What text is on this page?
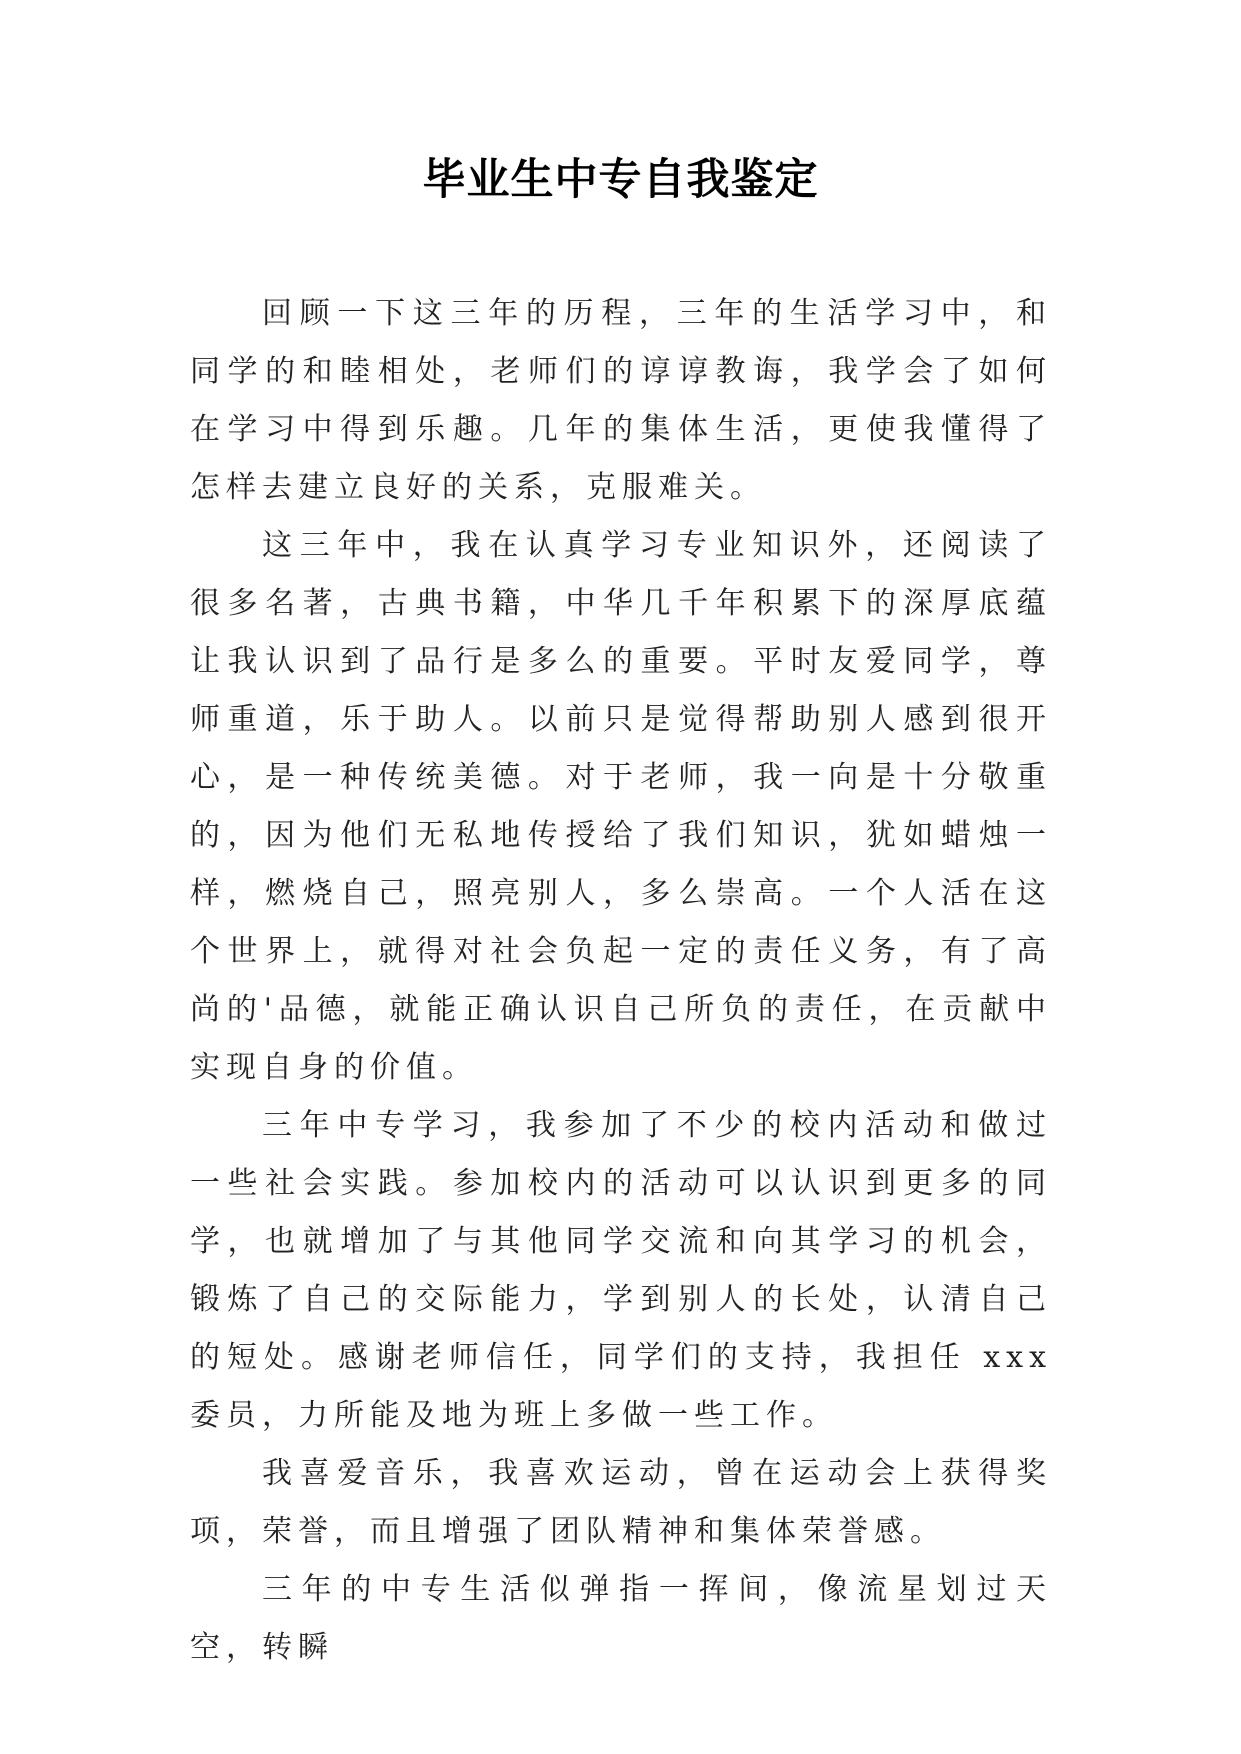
毕业生中专自我鉴定

回顾一下这三年的历程，三年的生活学习中，和同学的和睦相处，老师们的谆谆教诲，我学会了如何在学习中得到乐趣。几年的集体生活，更使我懂得了怎样去建立良好的关系，克服难关。

这三年中，我在认真学习专业知识外，还阅读了很多名著，古典书籍，中华几千年积累下的深厚底蕴让我认识到了品行是多么的重要。平时友爱同学，尊师重道，乐于助人。以前只是觉得帮助别人感到很开心，是一种传统美德。对于老师，我一向是十分敬重的，因为他们无私地传授给了我们知识，犹如蜡烛一样，燃烧自己，照亮别人，多么崇高。一个人活在这个世界上，就得对社会负起一定的责任义务，有了高尚的'品德，就能正确认识自己所负的责任，在贡献中实现自身的价值。

三年中专学习，我参加了不少的校内活动和做过一些社会实践。参加校内的活动可以认识到更多的同学，也就增加了与其他同学交流和向其学习的机会，锻炼了自己的交际能力，学到别人的长处，认清自己的短处。感谢老师信任，同学们的支持，我担任 xxx 委员，力所能及地为班上多做一些工作。

我喜爱音乐，我喜欢运动，曾在运动会上获得奖项，荣誉，而且增强了团队精神和集体荣誉感。

三年的中专生活似弹指一挥间，像流星划过天空，转瞬
